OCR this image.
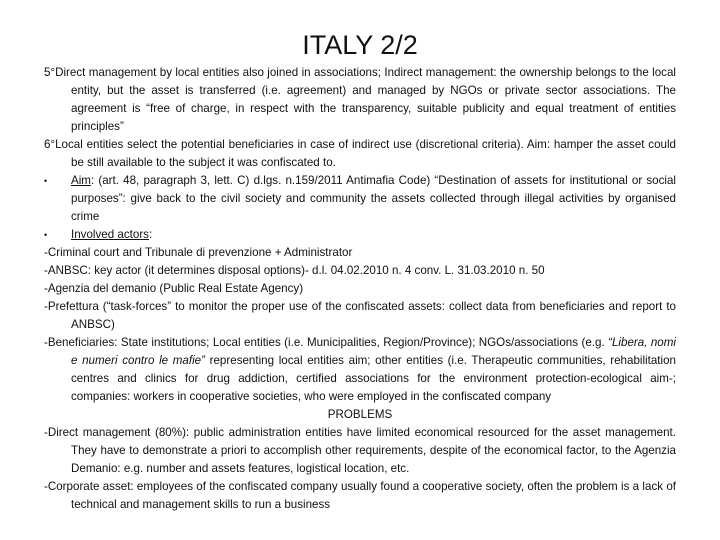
ITALY 2/2

5°Direct management by local entities also joined in associations; Indirect management: the ownership belongs to the local entity, but the asset is transferred (i.e. agreement) and managed by NGOs or private sector associations. The agreement is “free of charge, in respect with the transparency, suitable publicity and equal treatment of entities principles”

6°Local entities select the potential beneficiaries in case of indirect use (discretional criteria). Aim: hamper the asset could be still available to the subject it was confiscated to.

• Aim: (art. 48, paragraph 3, lett. C) d.lgs. n.159/2011 Antimafia Code) “Destination of assets for institutional or social purposes”: give back to the civil society and community the assets collected through illegal activities by organised crime

• Involved actors:

-Criminal court and Tribunale di prevenzione + Administrator

-ANBSC: key actor (it determines disposal options)- d.l. 04.02.2010 n. 4 conv. L. 31.03.2010 n. 50

-Agenzia del demanio (Public Real Estate Agency)

-Prefettura (“task-forces” to monitor the proper use of the confiscated assets: collect data from beneficiaries and report to ANBSC)

-Beneficiaries: State institutions; Local entities (i.e. Municipalities, Region/Province); NGOs/associations (e.g. “Libera, nomi e numeri contro le mafie” representing local entities aim; other entities (i.e. Therapeutic communities, rehabilitation centres and clinics for drug addiction, certified associations for the environment protection-ecological aim-; companies: workers in cooperative societies, who were employed in the confiscated company

PROBLEMS

-Direct management (80%): public administration entities have limited economical resourced for the asset management. They have to demonstrate a priori to accomplish other requirements, despite of the economical factor, to the Agenzia Demanio: e.g. number and assets features, logistical location, etc.

-Corporate asset: employees of the confiscated company usually found a cooperative society, often the problem is a lack of technical and management skills to run a business
